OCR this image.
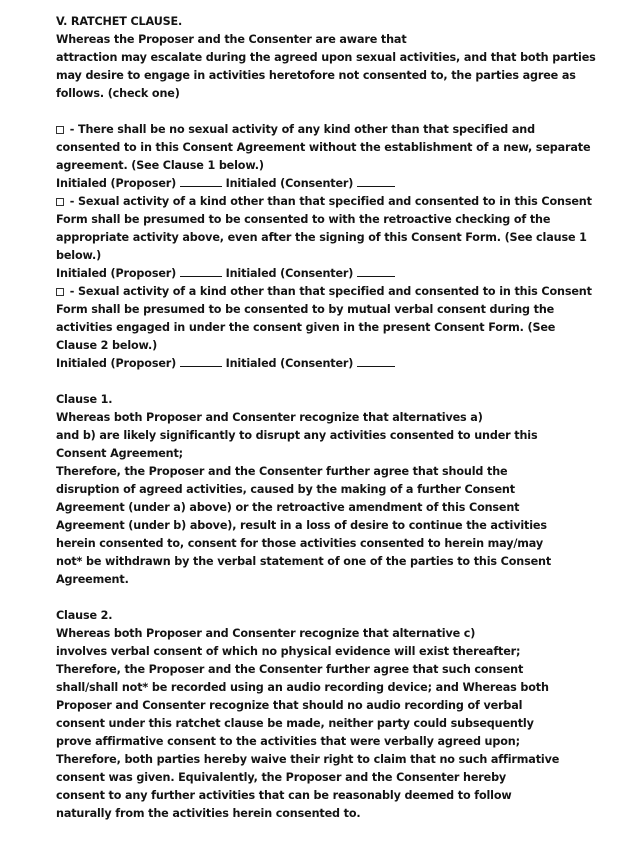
V. RATCHET CLAUSE.
Whereas the Proposer and the Consenter are aware that
attraction may escalate during the agreed upon sexual activities, and that both parties
may desire to engage in activities heretofore not consented to, the parties agree as
follows. (check one)
- There shall be no sexual activity of any kind other than that specified and
consented to in this Consent Agreement without the establishment of a new, separate
agreement. (See Clause 1 below.)
Initialed (Proposer)	Initialed (Consenter)
- Sexual activity of a kind other than that specified and consented to in this Consent
Form shall be presumed to be consented to with the retroactive checking of the
appropriate activity above, even after the signing of this Consent Form. (See clause 1
below.)
Initialed (Proposer)	Initialed (Consenter)
- Sexual activity of a kind other than that specified and consented to in this Consent
Form shall be presumed to be consented to by mutual verbal consent during the
activities engaged in under the consent given in the present Consent Form. (See
Clause 2 below.)
Initialed (Proposer)	Initialed (Consenter)
Clause 1.
Whereas both Proposer and Consenter recognize that alternatives a)
and b) are likely significantly to disrupt any activities consented to under this
Consent Agreement;
Therefore, the Proposer and the Consenter further agree that should the
disruption of agreed activities, caused by the making of a further Consent
Agreement (under a) above) or the retroactive amendment of this Consent
Agreement (under b) above), result in a loss of desire to continue the activities
herein consented to, consent for those activities consented to herein may/may
not* be withdrawn by the verbal statement of one of the parties to this Consent
Agreement.
Clause 2.
Whereas both Proposer and Consenter recognize that alternative c)
involves verbal consent of which no physical evidence will exist thereafter;
Therefore, the Proposer and the Consenter further agree that such consent
shall/shall not* be recorded using an audio recording device; and Whereas both
Proposer and Consenter recognize that should no audio recording of verbal
consent under this ratchet clause be made, neither party could subsequently
prove affirmative consent to the activities that were verbally agreed upon;
Therefore, both parties hereby waive their right to claim that no such affirmative
consent was given. Equivalently, the Proposer and the Consenter hereby
consent to any further activities that can be reasonably deemed to follow
naturally from the activities herein consented to.
